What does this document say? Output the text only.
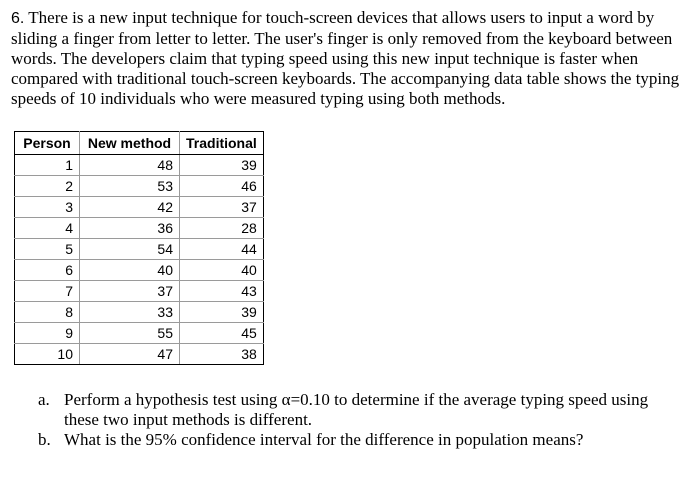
6. There is a new input technique for touch-screen devices that allows users to input a word by sliding a finger from letter to letter. The user's finger is only removed from the keyboard between words. The developers claim that typing speed using this new input technique is faster when compared with traditional touch-screen keyboards. The accompanying data table shows the typing speeds of 10 individuals who were measured typing using both methods.

Person	New method	Traditional
1	48	39
2	53	46
3	42	37
4	36	28
5	54	44
6	40	40
7	37	43
8	33	39
9	55	45
10	47	38
a. Perform a hypothesis test using α=0.10 to determine if the average typing speed using these two input methods is different.
b. What is the 95% confidence interval for the difference in population means?
